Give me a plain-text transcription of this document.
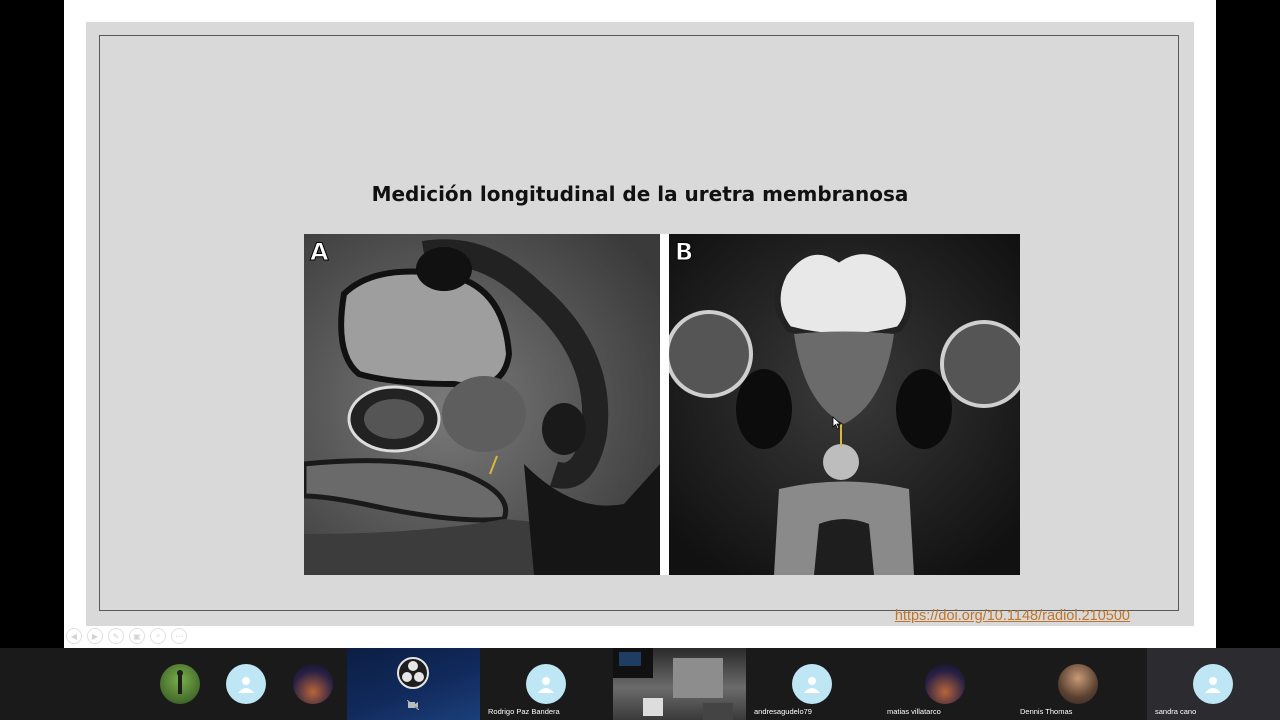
Medición longitudinal de la uretra membranosa
A	B
https://doi.org/10.1148/radiol.210500
◀	▶	✎	▣	⌕	⋯
Rodrigo Paz Bandera	andresagudelo79	matias villatarco	Dennis Thomas	sandra cano
